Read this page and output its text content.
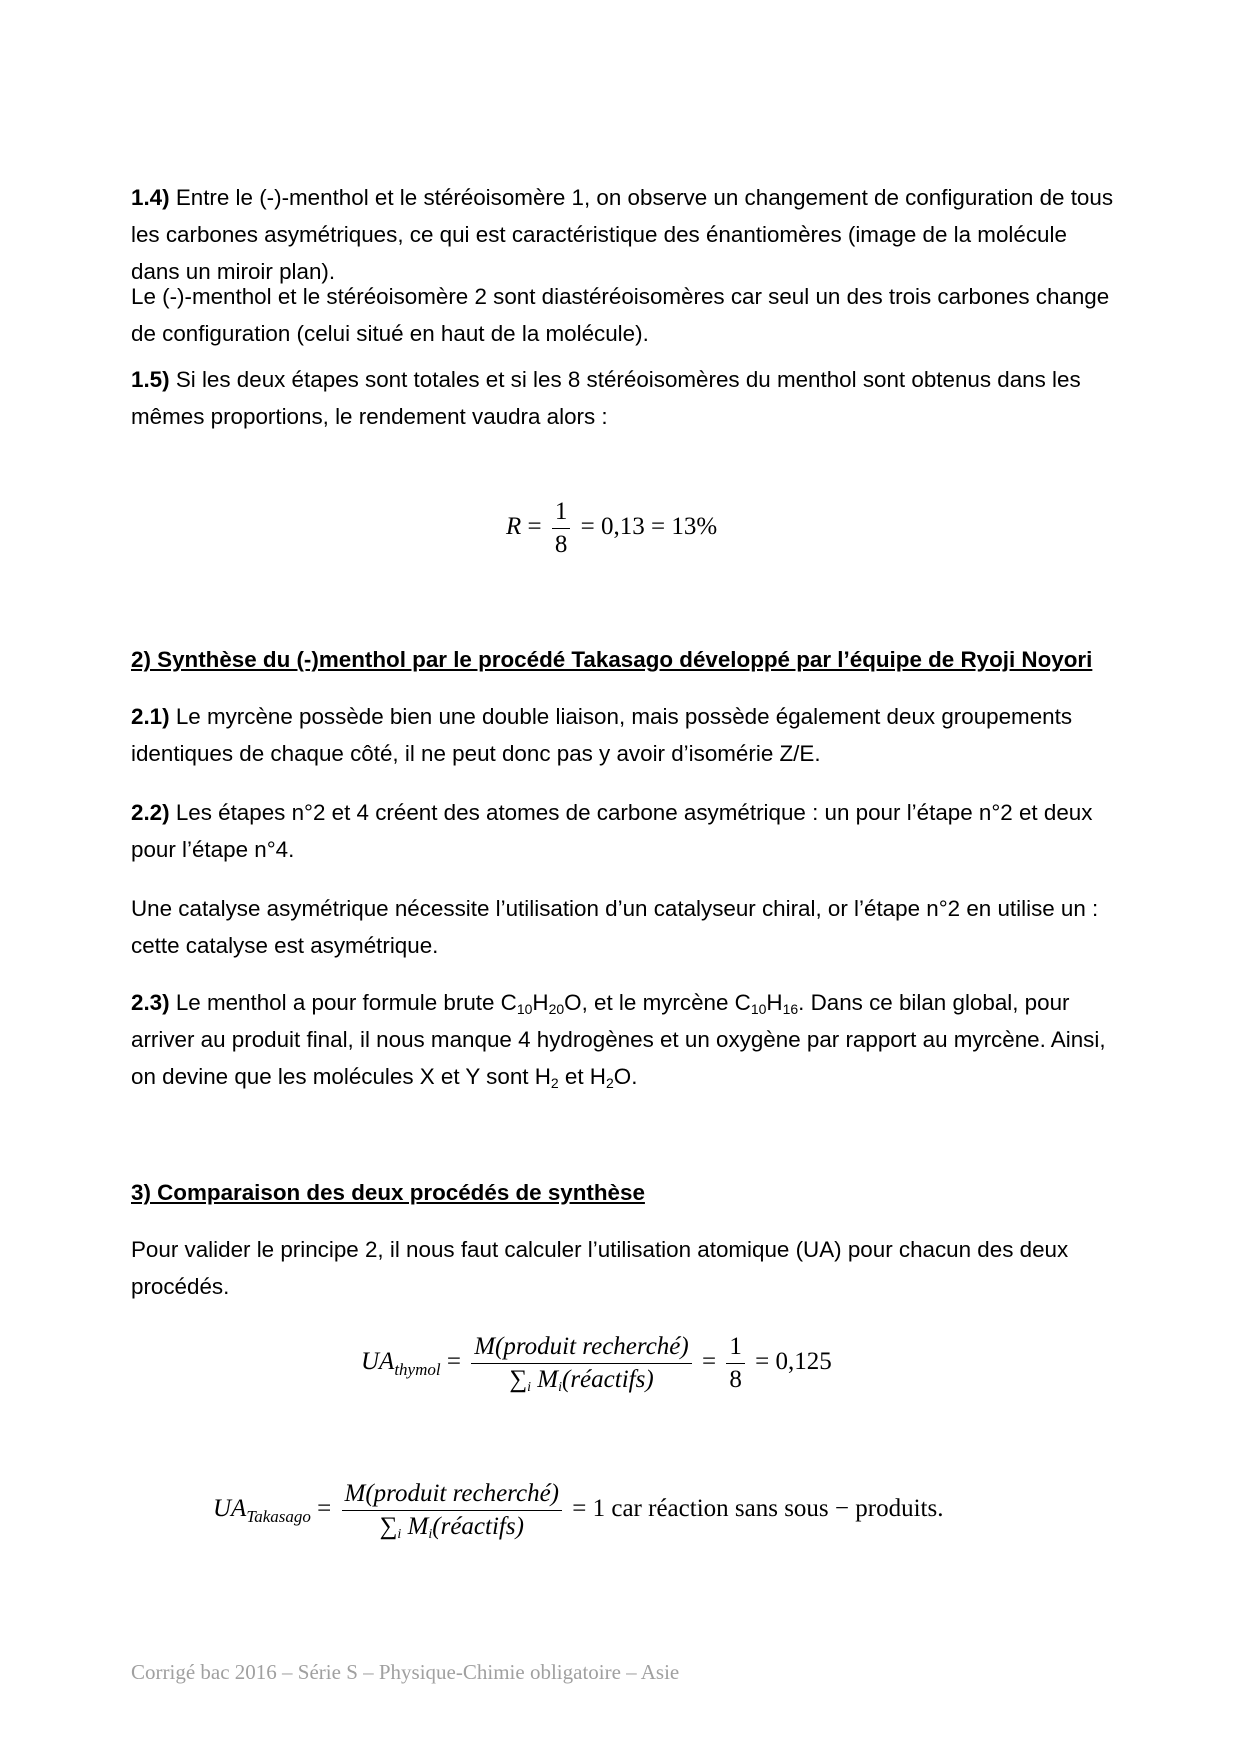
1.4) Entre le (-)-menthol et le stéréoisomère 1, on observe un changement de configuration de tous les carbones asymétriques, ce qui est caractéristique des énantiomères (image de la molécule dans un miroir plan).

Le (-)-menthol et le stéréoisomère 2 sont diastéréoisomères car seul un des trois carbones change de configuration (celui situé en haut de la molécule).

1.5) Si les deux étapes sont totales et si les 8 stéréoisomères du menthol sont obtenus dans les mêmes proportions, le rendement vaudra alors :

$R = \frac{1}{8} = 0,13 = 13\%$

2) Synthèse du (-)menthol par le procédé Takasago développé par l’équipe de Ryoji Noyori

2.1) Le myrcène possède bien une double liaison, mais possède également deux groupements identiques de chaque côté, il ne peut donc pas y avoir d’isomérie Z/E.

2.2) Les étapes n°2 et 4 créent des atomes de carbone asymétrique : un pour l’étape n°2 et deux pour l’étape n°4.

Une catalyse asymétrique nécessite l’utilisation d’un catalyseur chiral, or l’étape n°2 en utilise un : cette catalyse est asymétrique.

2.3) Le menthol a pour formule brute $C_{10}H_{20}O$, et le myrcène $C_{10}H_{16}$. Dans ce bilan global, pour arriver au produit final, il nous manque 4 hydrogènes et un oxygène par rapport au myrcène. Ainsi, on devine que les molécules X et Y sont $H_2$ et $H_2O$.

3) Comparaison des deux procédés de synthèse

Pour valider le principe 2, il nous faut calculer l’utilisation atomique (UA) pour chacun des deux procédés.

$UA_{thymol} = \frac{\text{M(produit recherché)}}{\sum_i M_i(réactifs)} = \frac{1}{8} = 0,125$
$UA_{Takasago} = \frac{\text{M(produit recherché)}}{\sum_i M_i(réactifs)} = 1$ car réaction sans sous − produits.
Corrigé bac 2016 – Série S – Physique-Chimie obligatoire – Asie
